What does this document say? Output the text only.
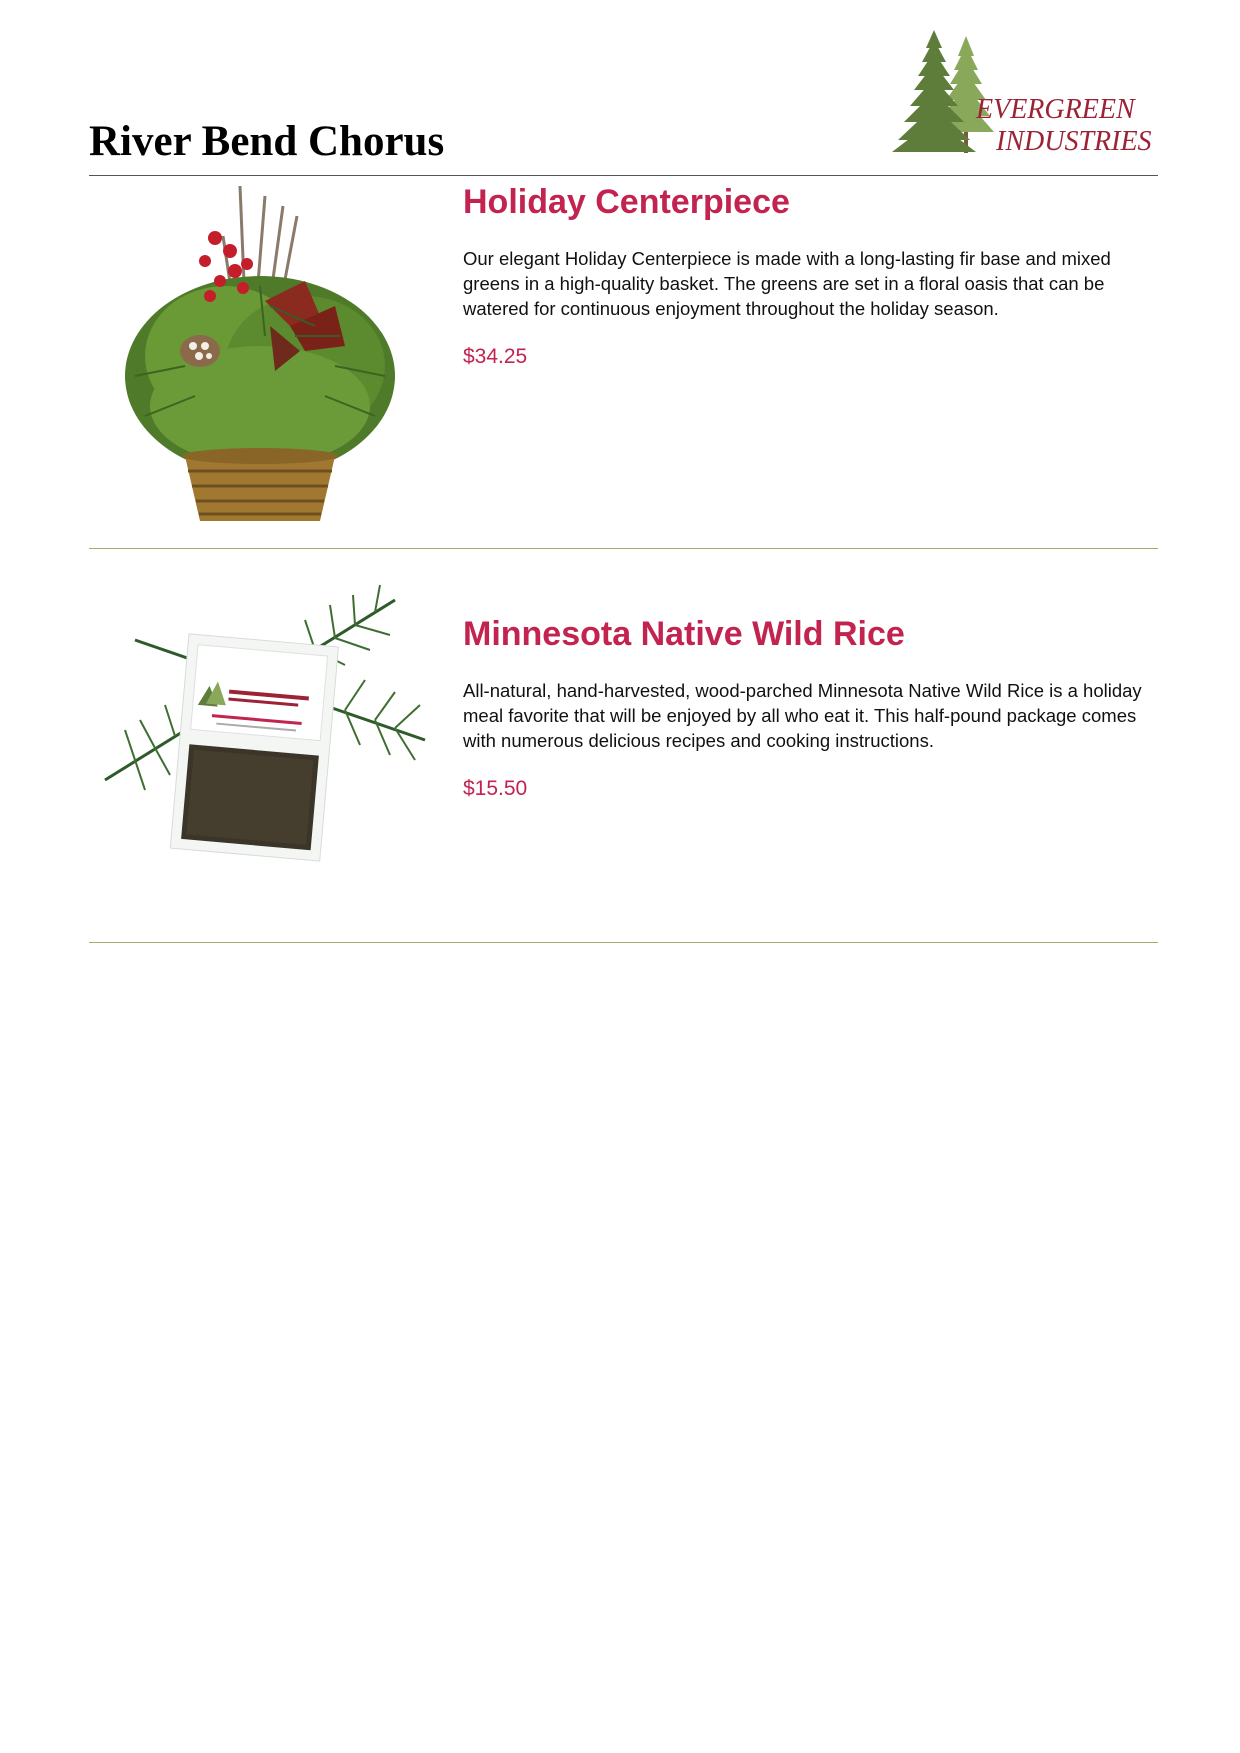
River Bend Chorus
EVERGREEN
INDUSTRIES
Holiday Centerpiece

Our elegant Holiday Centerpiece is made with a long-lasting fir base and mixed greens in a high-quality basket. The greens are set in a floral oasis that can be watered for continuous enjoyment throughout the holiday season.

$34.25

Minnesota Native Wild Rice

All-natural, hand-harvested, wood-parched Minnesota Native Wild Rice is a holiday meal favorite that will be enjoyed by all who eat it. This half-pound package comes with numerous delicious recipes and cooking instructions.

$15.50
